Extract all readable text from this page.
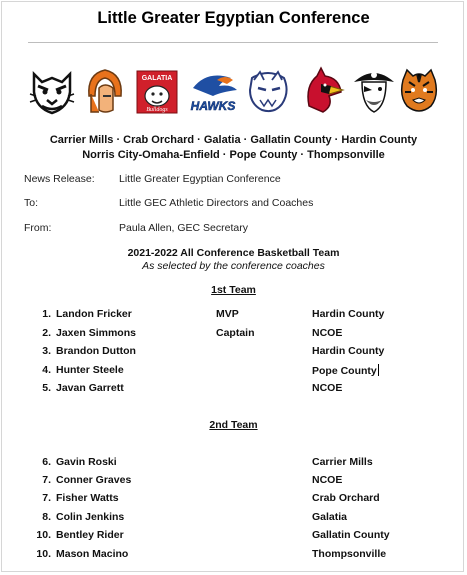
Little Greater Egyptian Conference
GALATIA
Bulldogs HAWKS
Carrier Mills · Crab Orchard · Galatia · Gallatin County · Hardin County
Norris City-Omaha-Enfield · Pope County · Thompsonville
News Release: Little Greater Egyptian Conference
To:	Little GEC Athletic Directors and Coaches
From:	Paula Allen, GEC Secretary
2021-2022 All Conference Basketball Team
As selected by the conference coaches
1st Team
1. Landon Fricker	MVP	Hardin County
2. Jaxen Simmons	Captain	NCOE
3. Brandon Dutton	Hardin County
4. Hunter Steele	Pope County
5. Javan Garrett	NCOE
2nd Team
6. Gavin Roski	Carrier Mills
7. Conner Graves	NCOE
7. Fisher Watts	Crab Orchard
8. Colin Jenkins	Galatia
10. Bentley Rider	Gallatin County
10. Mason Macino	Thompsonville
